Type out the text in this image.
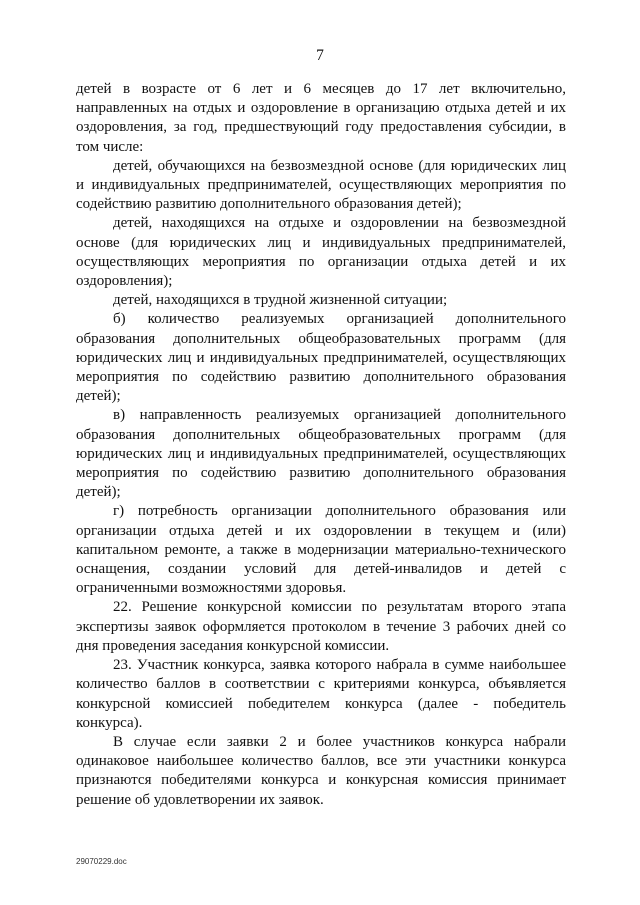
7

детей в возрасте от 6 лет и 6 месяцев до 17 лет включительно, направленных на отдых и оздоровление в организацию отдыха детей и их оздоровления, за год, предшествующий году предоставления субсидии, в том числе:

детей, обучающихся на безвозмездной основе (для юридических лиц и индивидуальных предпринимателей, осуществляющих мероприятия по содействию развитию дополнительного образования детей);

детей, находящихся на отдыхе и оздоровлении на безвозмездной основе (для юридических лиц и индивидуальных предпринимателей, осуществляющих мероприятия по организации отдыха детей и их оздоровления);

детей, находящихся в трудной жизненной ситуации;

б) количество реализуемых организацией дополнительного образования дополнительных общеобразовательных программ (для юридических лиц и индивидуальных предпринимателей, осуществляющих мероприятия по содействию развитию дополнительного образования детей);

в) направленность реализуемых организацией дополнительного образования дополнительных общеобразовательных программ (для юридических лиц и индивидуальных предпринимателей, осуществляющих мероприятия по содействию развитию дополнительного образования детей);

г) потребность организации дополнительного образования или организации отдыха детей и их оздоровлении в текущем и (или) капитальном ремонте, а также в модернизации материально-технического оснащения, создании условий для детей-инвалидов и детей с ограниченными возможностями здоровья.

22. Решение конкурсной комиссии по результатам второго этапа экспертизы заявок оформляется протоколом в течение 3 рабочих дней со дня проведения заседания конкурсной комиссии.

23. Участник конкурса, заявка которого набрала в сумме наибольшее количество баллов в соответствии с критериями конкурса, объявляется конкурсной комиссией победителем конкурса (далее - победитель конкурса).

В случае если заявки 2 и более участников конкурса набрали одинаковое наибольшее количество баллов, все эти участники конкурса признаются победителями конкурса и конкурсная комиссия принимает решение об удовлетворении их заявок.

29070229.doc
